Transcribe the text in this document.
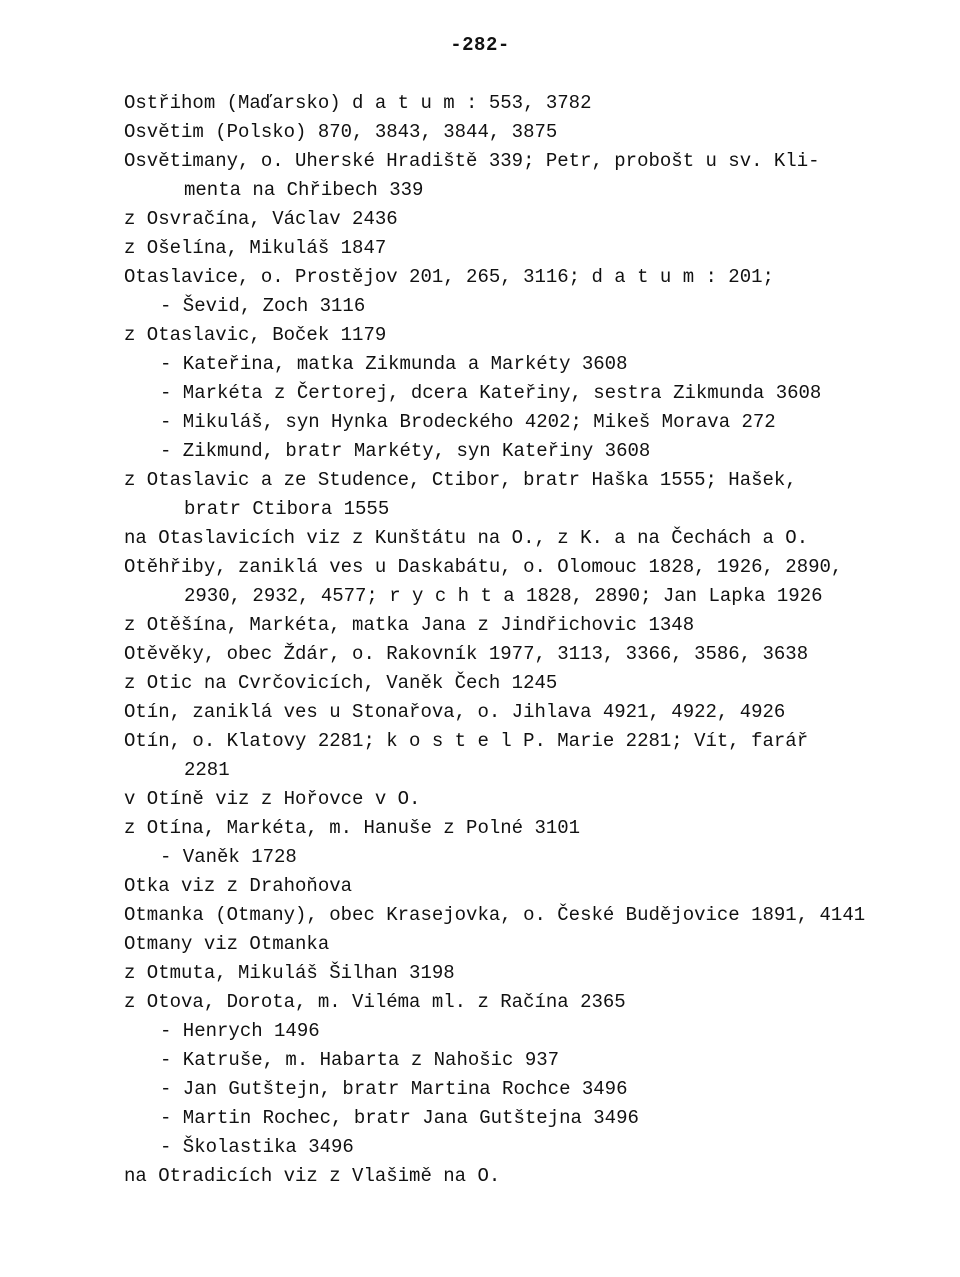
-282-
Ostřihom (Maďarsko) d a t u m : 553, 3782
Osvětim (Polsko) 870, 3843, 3844, 3875
Osvětimany, o. Uherské Hradiště 339; Petr, probošt u sv. Kli-
menta na Chřibech 339
z Osvračína, Václav 2436
z Ošelína, Mikuláš 1847
Otaslavice, o. Prostějov 201, 265, 3116; d a t u m : 201;
- Ševid, Zoch 3116
z Otaslavic, Boček 1179
- Kateřina, matka Zikmunda a Markéty 3608
- Markéta z Čertorej, dcera Kateřiny, sestra Zikmunda 3608
- Mikuláš, syn Hynka Brodeckého 4202; Mikeš Morava 272
- Zikmund, bratr Markéty, syn Kateřiny 3608
z Otaslavic a ze Studence, Ctibor, bratr Haška 1555; Hašek,
bratr Ctibora 1555
na Otaslavicích viz z Kunštátu na O., z K. a na Čechách a O.
Otěhřiby, zaniklá ves u Daskabátu, o. Olomouc 1828, 1926, 2890,
2930, 2932, 4577; r y c h t a 1828, 2890; Jan Lapka 1926
z Otěšína, Markéta, matka Jana z Jindřichovic 1348
Otěvěky, obec Ždár, o. Rakovník 1977, 3113, 3366, 3586, 3638
z Otic na Cvrčovicích, Vaněk Čech 1245
Otín, zaniklá ves u Stonařova, o. Jihlava 4921, 4922, 4926
Otín, o. Klatovy 2281; k o s t e l P. Marie 2281; Vít, farář
2281
v Otíně viz z Hořovce v O.
z Otína, Markéta, m. Hanuše z Polné 3101
- Vaněk 1728
Otka viz z Drahoňova
Otmanka (Otmany), obec Krasejovka, o. České Budějovice 1891, 4141
Otmany viz Otmanka
z Otmuta, Mikuláš Šilhan 3198
z Otova, Dorota, m. Viléma ml. z Račína 2365
- Henrych 1496
- Katruše, m. Habarta z Nahošic 937
- Jan Gutštejn, bratr Martina Rochce 3496
- Martin Rochec, bratr Jana Gutštejna 3496
- Školastika 3496
na Otradicích viz z Vlašimě na O.
